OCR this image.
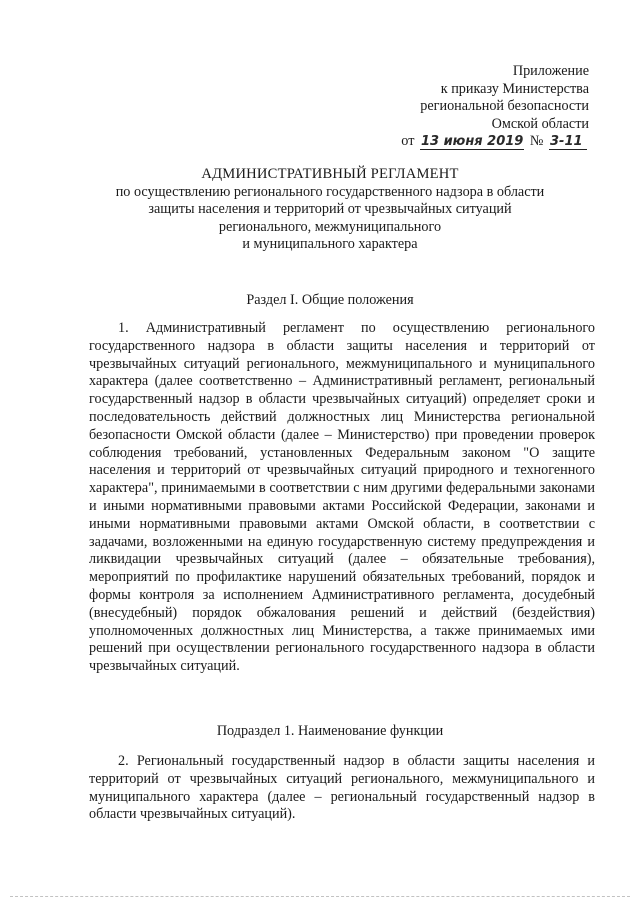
Приложение
к приказу Министерства
региональной безопасности
Омской области
от 13 июня 2019 № 3-11
АДМИНИСТРАТИВНЫЙ РЕГЛАМЕНТ
по осуществлению регионального государственного надзора в области
защиты населения и территорий от чрезвычайных ситуаций
регионального, межмуниципального
и муниципального характера
Раздел I. Общие положения
1. Административный регламент по осуществлению регионального государственного надзора в области защиты населения и территорий от чрезвычайных ситуаций регионального, межмуниципального и муниципального характера (далее соответственно – Административный регламент, региональный государственный надзор в области чрезвычайных ситуаций) определяет сроки и последовательность действий должностных лиц Министерства региональной безопасности Омской области (далее – Министерство) при проведении проверок соблюдения требований, установленных Федеральным законом "О защите населения и территорий от чрезвычайных ситуаций природного и техногенного характера", принимаемыми в соответствии с ним другими федеральными законами и иными нормативными правовыми актами Российской Федерации, законами и иными нормативными правовыми актами Омской области, в соответствии с задачами, возложенными на единую государственную систему предупреждения и ликвидации чрезвычайных ситуаций (далее – обязательные требования), мероприятий по профилактике нарушений обязательных требований, порядок и формы контроля за исполнением Административного регламента, досудебный (внесудебный) порядок обжалования решений и действий (бездействия) уполномоченных должностных лиц Министерства, а также принимаемых ими решений при осуществлении регионального государственного надзора в области чрезвычайных ситуаций.
Подраздел 1. Наименование функции
2. Региональный государственный надзор в области защиты населения и территорий от чрезвычайных ситуаций регионального, межмуниципального и муниципального характера (далее – региональный государственный надзор в области чрезвычайных ситуаций).
